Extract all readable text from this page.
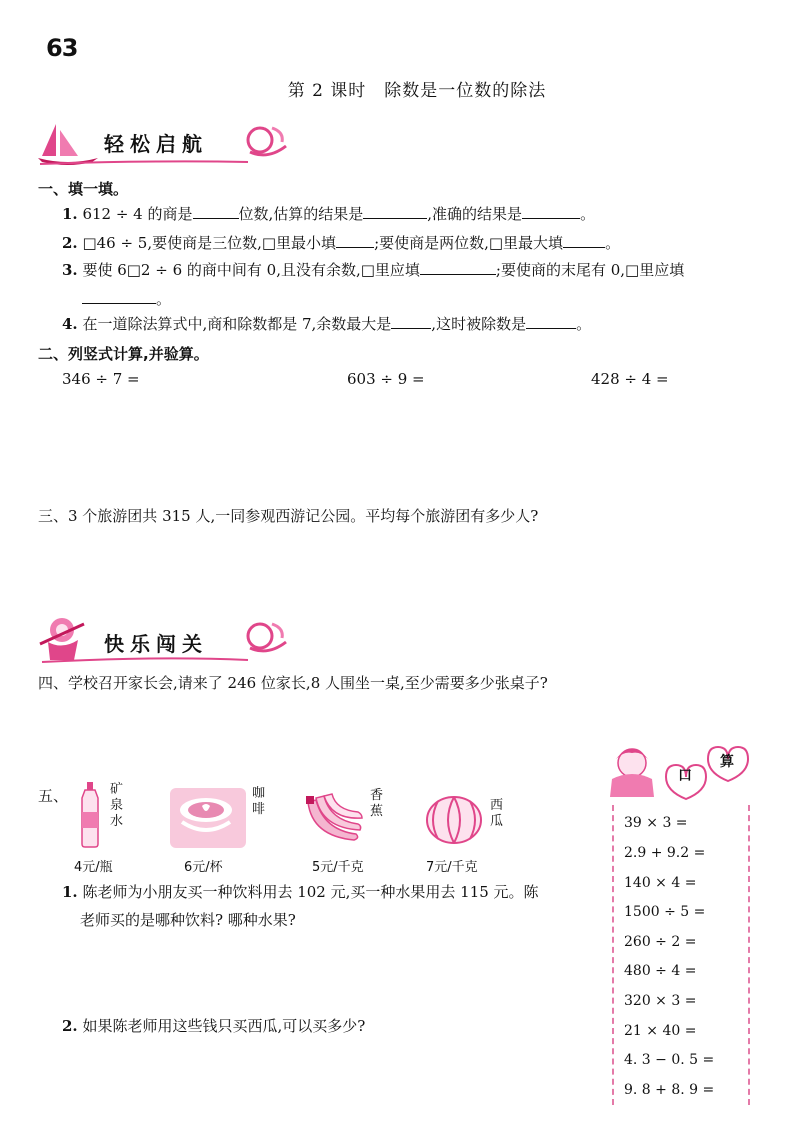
63
第 2 课时　除数是一位数的除法
轻松启航
一、填一填。
1. 612 ÷ 4 的商是	位数,估算的结果是	,准确的结果是	。
2. □46 ÷ 5,要使商是三位数,□里最小填	;要使商是两位数,□里最大填	。
3. 要使 6□2 ÷ 6 的商中间有 0,且没有余数,□里应填	;要使商的末尾有 0,□里应填
。
4. 在一道除法算式中,商和除数都是 7,余数最大是	,这时被除数是	。
二、列竖式计算,并验算。
346 ÷ 7 =	603 ÷ 9 =	428 ÷ 4 =
三、3 个旅游团共 315 人,一同参观西游记公园。平均每个旅游团有多少人?
快乐闯关
四、学校召开家长会,请来了 246 位家长,8 人围坐一桌,至少需要多少张桌子?
五、	矿泉水
4元/瓶
咖啡
6元/杯
香蕉
5元/千克
西瓜
7元/千克
1. 陈老师为小朋友买一种饮料用去 102 元,买一种水果用去 115 元。陈
老师买的是哪种饮料? 哪种水果?
2. 如果陈老师用这些钱只买西瓜,可以买多少?
口
算
39 × 3 =
2.9 + 9.2 =
140 × 4 =
1500 ÷ 5 =
260 ÷ 2 =
480 ÷ 4 =
320 × 3 =
21 × 40 =
4. 3 − 0. 5 =
9. 8 + 8. 9 =
